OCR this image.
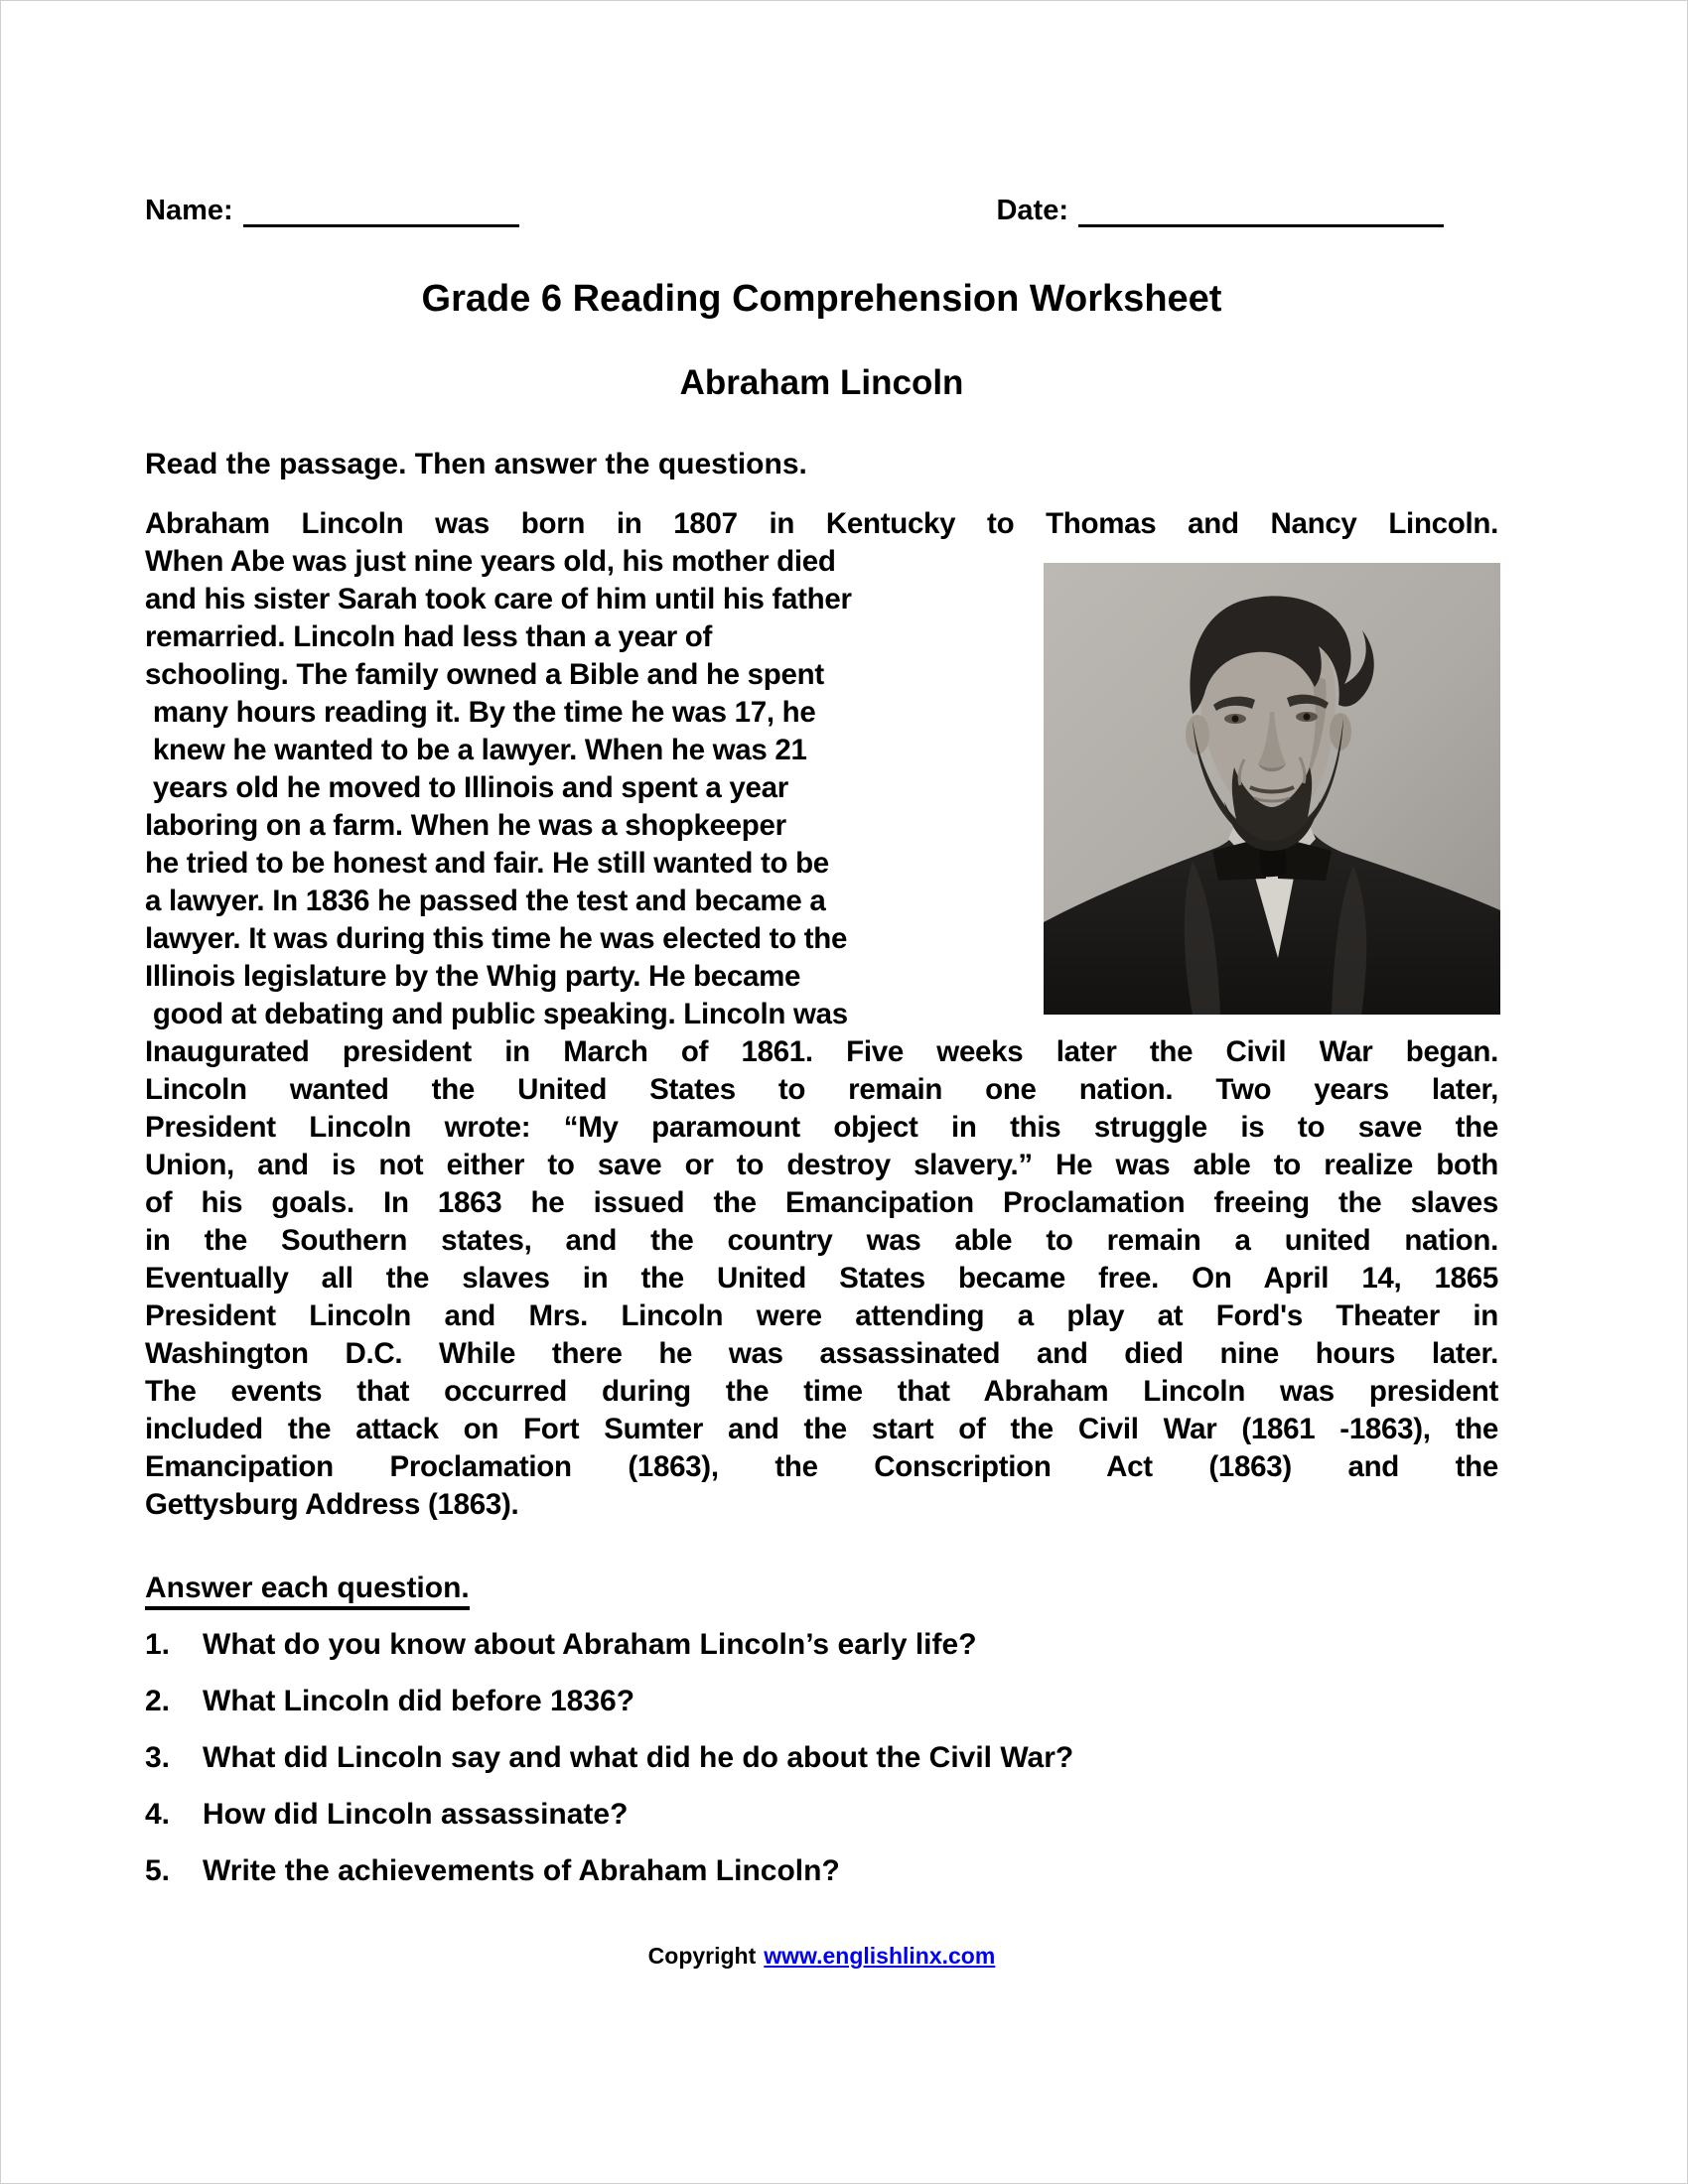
Name:	Date:
Grade 6 Reading Comprehension Worksheet
Abraham Lincoln
Read the passage. Then answer the questions.
Abraham Lincoln was born in 1807 in Kentucky to Thomas and Nancy Lincoln.
When Abe was just nine years old, his mother died
and his sister Sarah took care of him until his father
remarried. Lincoln had less than a year of
schooling. The family owned a Bible and he spent
many hours reading it. By the time he was 17, he
knew he wanted to be a lawyer. When he was 21
years old he moved to Illinois and spent a year
laboring on a farm. When he was a shopkeeper
he tried to be honest and fair. He still wanted to be
a lawyer. In 1836 he passed the test and became a
lawyer. It was during this time he was elected to the
Illinois legislature by the Whig party. He became
good at debating and public speaking. Lincoln was
Inaugurated president in March of 1861. Five weeks later the Civil War began.
Lincoln wanted the United States to remain one nation. Two years later,
President Lincoln wrote: “My paramount object in this struggle is to save the
Union, and is not either to save or to destroy slavery.” He was able to realize both
of his goals. In 1863 he issued the Emancipation Proclamation freeing the slaves
in the Southern states, and the country was able to remain a united nation.
Eventually all the slaves in the United States became free. On April 14, 1865
President Lincoln and Mrs. Lincoln were attending a play at Ford's Theater in
Washington D.C. While there he was assassinated and died nine hours later.
The events that occurred during the time that Abraham Lincoln was president
included the attack on Fort Sumter and the start of the Civil War (1861 -1863), the
Emancipation Proclamation (1863), the Conscription Act (1863) and the
Gettysburg Address (1863).
Answer each question.
1.	What do you know about Abraham Lincoln’s early life?
2.	What Lincoln did before 1836?
3.	What did Lincoln say and what did he do about the Civil War?
4.	How did Lincoln assassinate?
5.	Write the achievements of Abraham Lincoln?
Copyright www.englishlinx.com
